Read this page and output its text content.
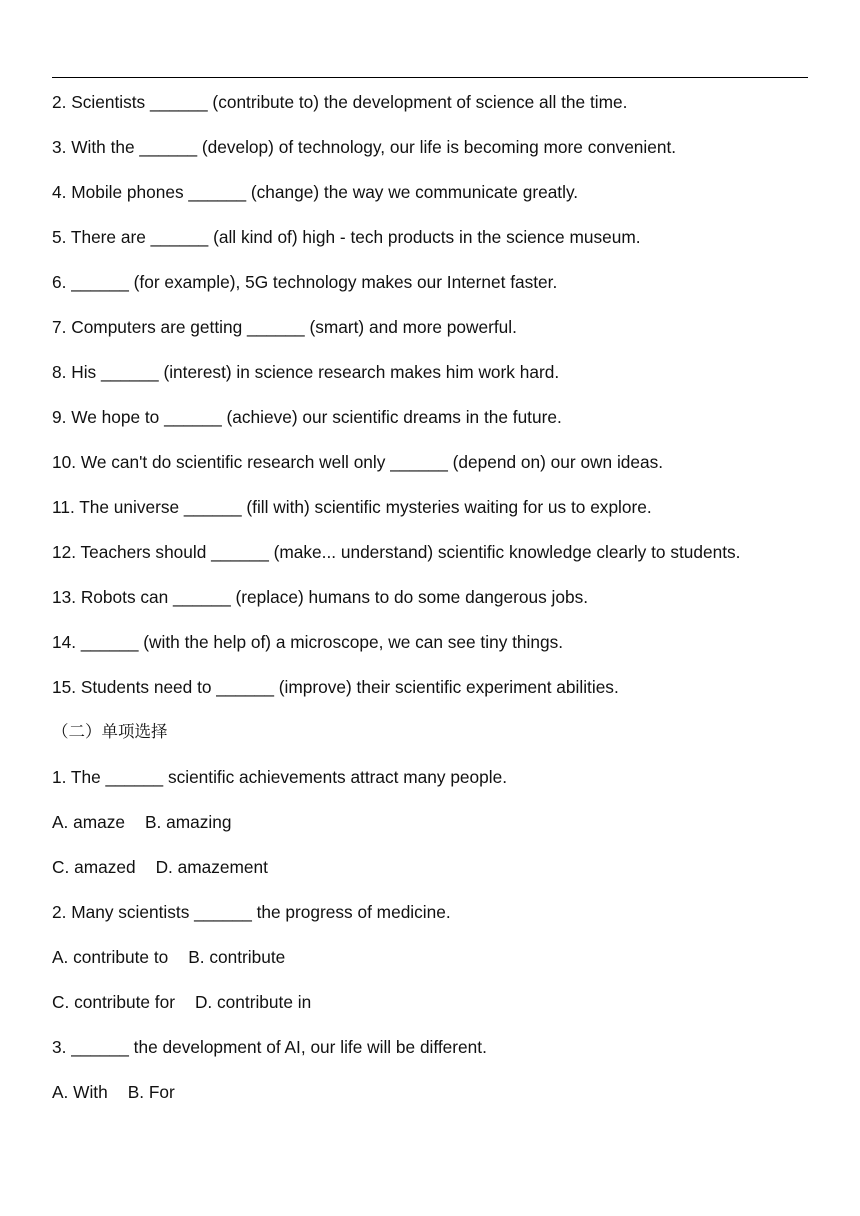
2. Scientists ______ (contribute to) the development of science all the time.
3. With the ______ (develop) of technology, our life is becoming more convenient.
4. Mobile phones ______ (change) the way we communicate greatly.
5. There are ______ (all kind of) high - tech products in the science museum.
6. ______ (for example), 5G technology makes our Internet faster.
7. Computers are getting ______ (smart) and more powerful.
8. His ______ (interest) in science research makes him work hard.
9. We hope to ______ (achieve) our scientific dreams in the future.
10. We can't do scientific research well only ______ (depend on) our own ideas.
11. The universe ______ (fill with) scientific mysteries waiting for us to explore.
12. Teachers should ______ (make... understand) scientific knowledge clearly to students.
13. Robots can ______ (replace) humans to do some dangerous jobs.
14. ______ (with the help of) a microscope, we can see tiny things.
15. Students need to ______ (improve) their scientific experiment abilities.
（二）单项选择
1. The ______ scientific achievements attract many people.
A. amaze B. amazing
C. amazed D. amazement
2. Many scientists ______ the progress of medicine.
A. contribute to B. contribute
C. contribute for D. contribute in
3. ______ the development of AI, our life will be different.
A. With B. For
